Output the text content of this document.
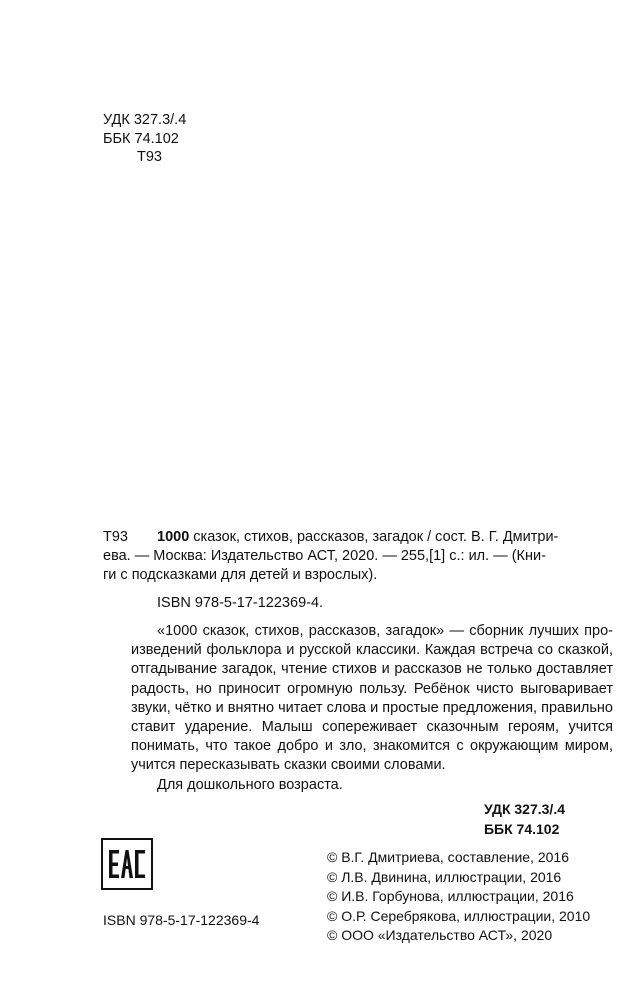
УДК 327.3/.4
ББК 74.102
Т93
Т93 1000 сказок, стихов, рассказов, загадок / сост. В. Г. Дмитри-
ева. — Москва: Издательство АСТ, 2020. — 255,[1] с.: ил. — (Кни-
ги с подсказками для детей и взрослых).
ISBN 978-5-17-122369-4.
«1000 сказок, стихов, рассказов, загадок» — сборник лучших про-изведений фольклора и русской классики. Каждая встреча со сказкой, отгадывание загадок, чтение стихов и рассказов не только доставляет радость, но приносит огромную пользу. Ребёнок чисто выговаривает звуки, чётко и внятно читает слова и простые предложения, правильно ставит ударение. Малыш сопереживает сказочным героям, учится понимать, что такое добро и зло, знакомится с окружающим миром, учится пересказывать сказки своими словами.
Для дошкольного возраста.
УДК 327.3/.4
ББК 74.102
ISBN 978-5-17-122369-4
© В.Г. Дмитриева, составление, 2016
© Л.В. Двинина, иллюстрации, 2016
© И.В. Горбунова, иллюстрации, 2016
© О.Р. Серебрякова, иллюстрации, 2010
© ООО «Издательство АСТ», 2020
